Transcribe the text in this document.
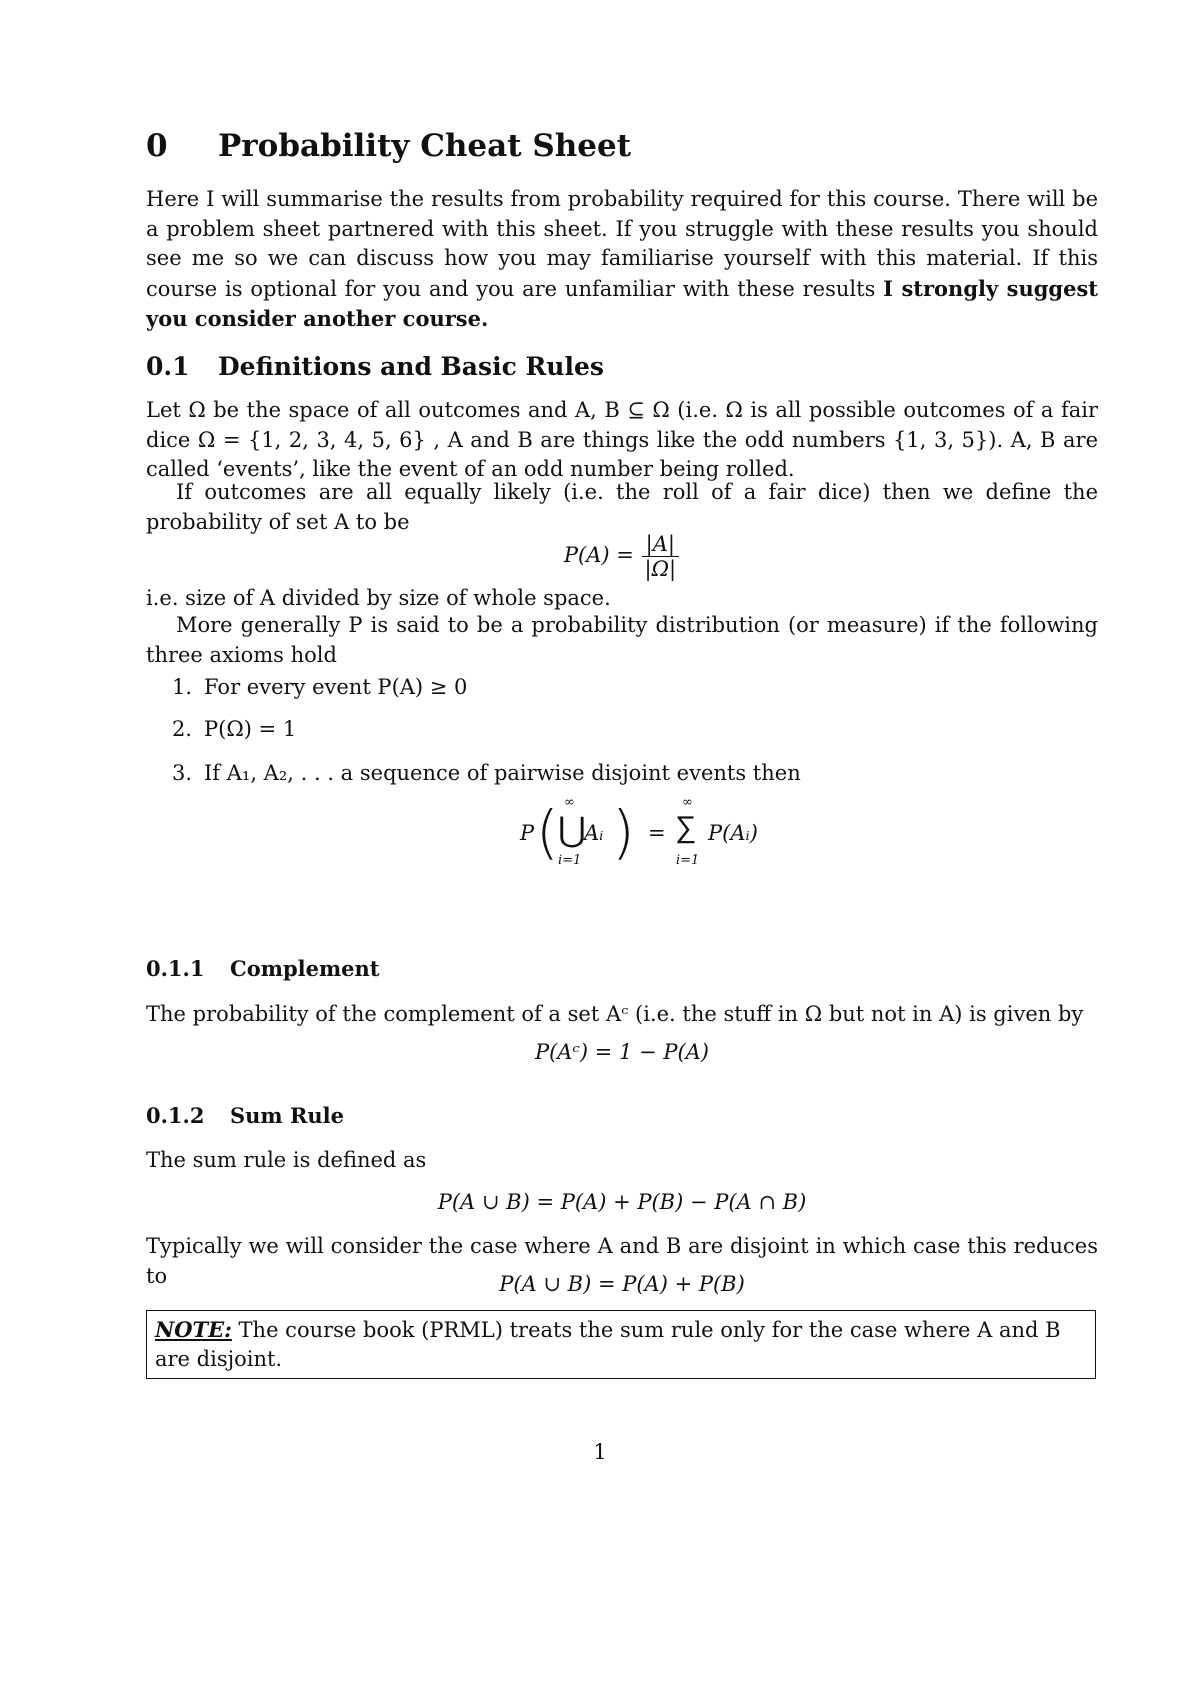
0 Probability Cheat Sheet
Here I will summarise the results from probability required for this course. There will be a problem sheet partnered with this sheet. If you struggle with these results you should see me so we can discuss how you may familiarise yourself with this material. If this course is optional for you and you are unfamiliar with these results I strongly suggest you consider another course.
0.1 Definitions and Basic Rules
Let Ω be the space of all outcomes and A, B ⊆ Ω (i.e. Ω is all possible outcomes of a fair dice Ω = {1, 2, 3, 4, 5, 6} , A and B are things like the odd numbers {1, 3, 5}). A, B are called ‘events’, like the event of an odd number being rolled.
If outcomes are all equally likely (i.e. the roll of a fair dice) then we define the probability of set A to be
$P(A) = \frac{|A|}{|\Omega|}$
i.e. size of A divided by size of whole space.
More generally P is said to be a probability distribution (or measure) if the following three axioms hold
1. For every event P(A) ≥ 0
2. P(Ω) = 1
3. If A₁, A₂, . . . a sequence of pairwise disjoint events then
P ( ∞
⋃
i=1
Aᵢ ) =
∞
∑
i=1
P(Aᵢ)
0.1.1 Complement
The probability of the complement of a set Aᶜ (i.e. the stuff in Ω but not in A) is given by
P(Aᶜ) = 1 − P(A)
0.1.2 Sum Rule
The sum rule is defined as
P(A ∪ B) = P(A) + P(B) − P(A ∩ B)
Typically we will consider the case where A and B are disjoint in which case this reduces to	P(A ∪ B) = P(A) + P(B)
NOTE: The course book (PRML) treats the sum rule only for the case where A and B are disjoint.
1
